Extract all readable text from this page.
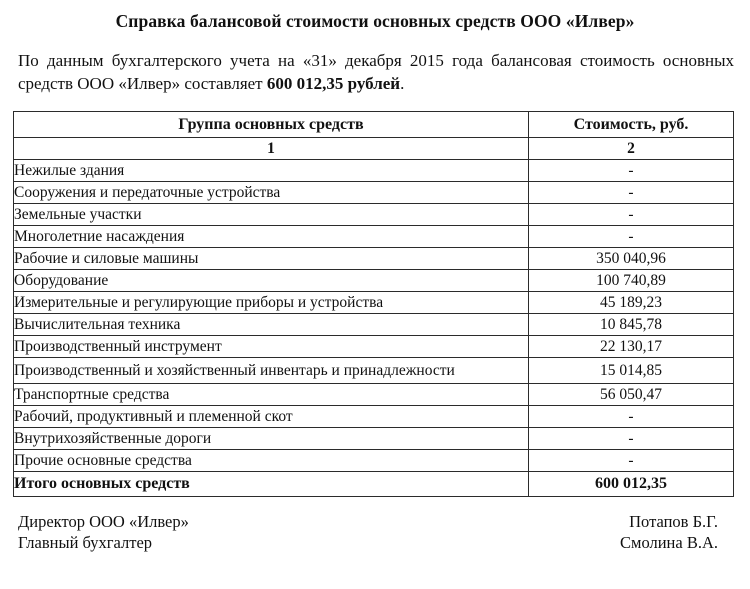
Справка балансовой стоимости основных средств ООО «Илвер»

По данным бухгалтерского учета на «31» декабря 2015 года балансовая стоимость основных средств ООО «Илвер» составляет 600 012,35 рублей.

Группа основных средств	Стоимость, руб.
1	2
Нежилые здания	-
Сооружения и передаточные устройства	-
Земельные участки	-
Многолетние насаждения	-
Рабочие и силовые машины	350 040,96
Оборудование	100 740,89
Измерительные и регулирующие приборы и устройства	45 189,23
Вычислительная техника	10 845,78
Производственный инструмент	22 130,17

Производственный и хозяйственный инвентарь и принадлежности	15 014,85
Транспортные средства	56 050,47
Рабочий, продуктивный и племенной скот	-
Внутрихозяйственные дороги	-
Прочие основные средства	-
Итого основных средств	600 012,35
Директор ООО «Илвер»	Потапов Б.Г.
Главный бухгалтер	Смолина В.А.
